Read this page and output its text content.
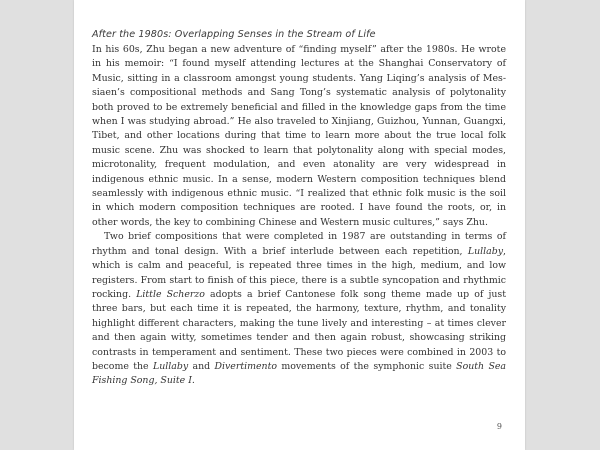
After the 1980s: Overlapping Senses in the Stream of Life

In his 60s, Zhu began a new adventure of “finding myself” after the 1980s. He wrote in his memoir: “I found myself attending lectures at the Shanghai Conservatory of Music, sitting in a classroom amongst young students. Yang Liqing’s analysis of Messiaen’s compositional methods and Sang Tong’s systematic analysis of polytonality both proved to be extremely beneficial and filled in the knowledge gaps from the time when I was studying abroad.” He also traveled to Xinjiang, Guizhou, Yunnan, Guangxi, Tibet, and other locations during that time to learn more about the true local folk music scene. Zhu was shocked to learn that polytonality along with special modes, microtonality, frequent modulation, and even atonality are very widespread in indigenous ethnic music. In a sense, modern Western composition techniques blend seamlessly with indigenous ethnic music. “I realized that ethnic folk music is the soil in which modern composition techniques are rooted. I have found the roots, or, in other words, the key to combining Chinese and Western music cultures,” says Zhu.

Two brief compositions that were completed in 1987 are outstanding in terms of rhythm and tonal design. With a brief interlude between each repetition, Lullaby, which is calm and peaceful, is repeated three times in the high, medium, and low registers. From start to finish of this piece, there is a subtle syncopation and rhythmic rocking. Little Scherzo adopts a brief Cantonese folk song theme made up of just three bars, but each time it is repeated, the harmony, texture, rhythm, and tonality highlight different characters, making the tune lively and interesting – at times clever and then again witty, sometimes tender and then again robust, showcasing striking contrasts in temperament and sentiment. These two pieces were combined in 2003 to become the Lullaby and Divertimento movements of the symphonic suite South Sea Fishing Song, Suite I.

9
